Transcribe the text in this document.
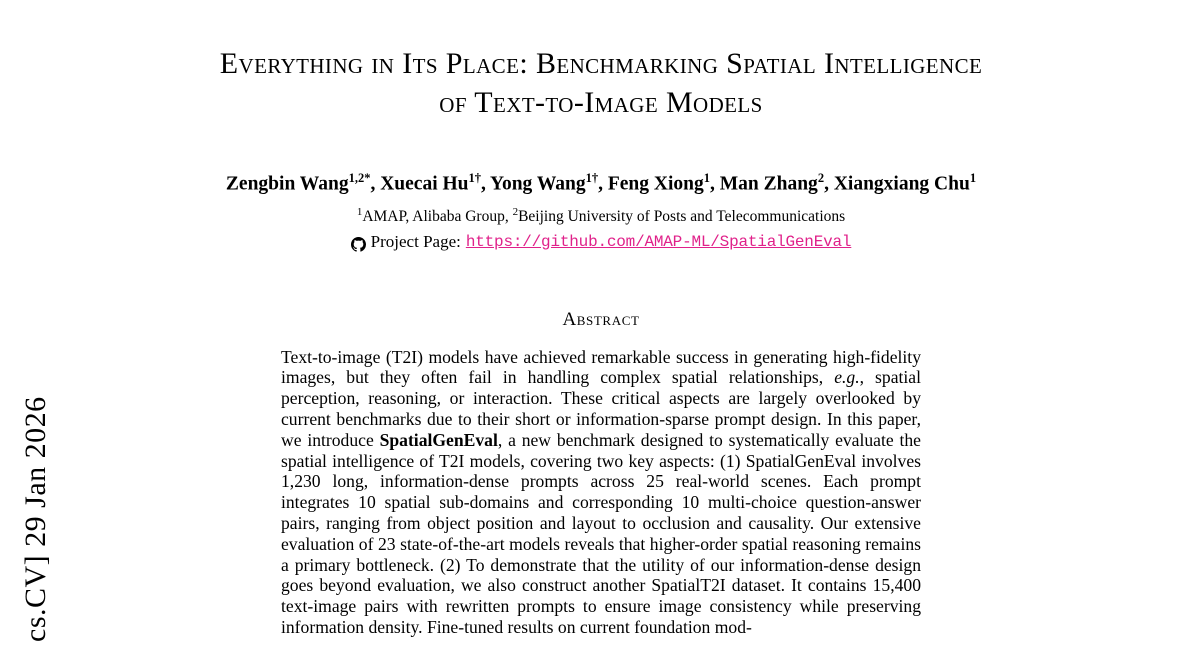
cs.CV] 29 Jan 2026
Everything in Its Place: Benchmarking Spatial Intelligence of Text-to-Image Models
Zengbin Wang$^{1,2*}$, Xuecai $Hu^{1\dagger}$, Yong Wang$^{1\dagger}$, Feng Xiong$^1$, Man Zhang$^2$, Xiangxiang Chu$^1$
$^1$AMAP, Alibaba Group, $^2$Beijing University of Posts and Telecommunications
Project Page: https://github.com/AMAP-ML/SpatialGenEval
Abstract
Text-to-image (T2I) models have achieved remarkable success in generating high-fidelity images, but they often fail in handling complex spatial relationships, e.g., spatial perception, reasoning, or interaction. These critical aspects are largely overlooked by current benchmarks due to their short or information-sparse prompt design. In this paper, we introduce SpatialGenEval, a new benchmark designed to systematically evaluate the spatial intelligence of T2I models, covering two key aspects: (1) SpatialGenEval involves 1,230 long, information-dense prompts across 25 real-world scenes. Each prompt integrates 10 spatial sub-domains and corresponding 10 multi-choice question-answer pairs, ranging from object position and layout to occlusion and causality. Our extensive evaluation of 23 state-of-the-art models reveals that higher-order spatial reasoning remains a primary bottleneck. (2) To demonstrate that the utility of our information-dense design goes beyond evaluation, we also construct another SpatialT2I dataset. It contains 15,400 text-image pairs with rewritten prompts to ensure image consistency while preserving information density. Fine-tuned results on current foundation mod-
